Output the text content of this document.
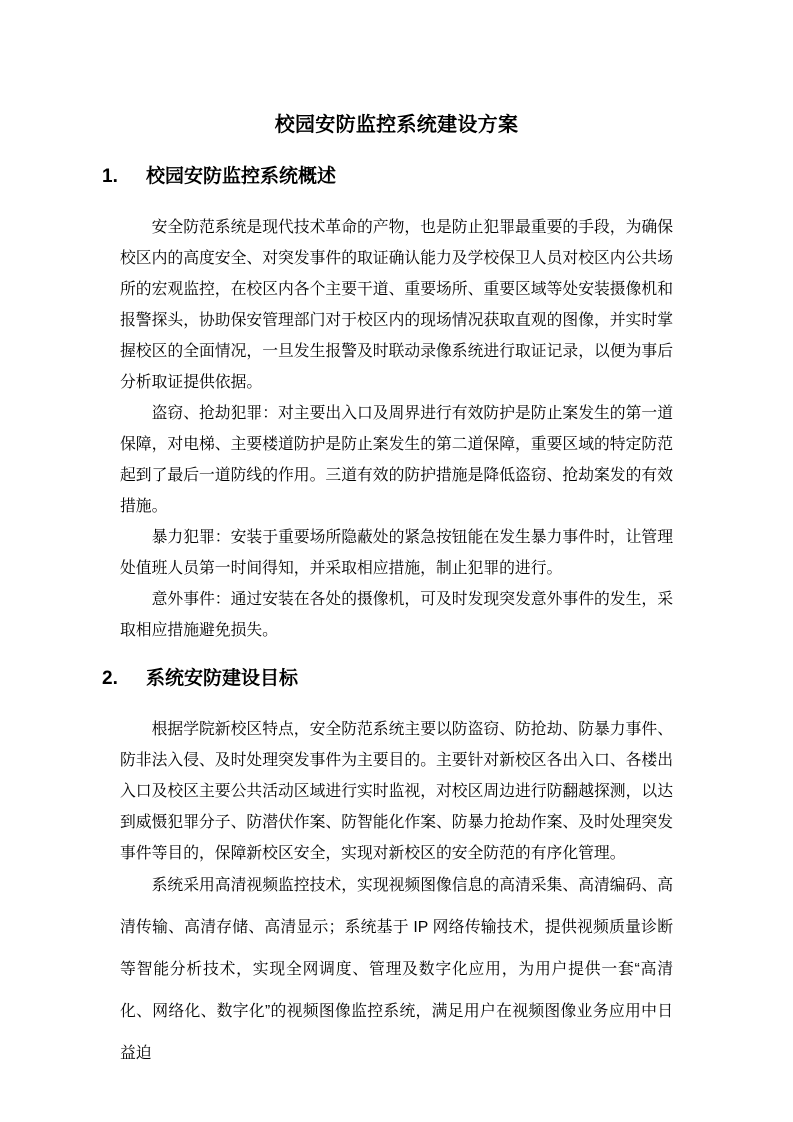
校园安防监控系统建设方案
1. 校园安防监控系统概述

安全防范系统是现代技术革命的产物，也是防止犯罪最重要的手段，为确保校区内的高度安全、对突发事件的取证确认能力及学校保卫人员对校区内公共场所的宏观监控，在校区内各个主要干道、重要场所、重要区域等处安装摄像机和报警探头，协助保安管理部门对于校区内的现场情况获取直观的图像，并实时掌握校区的全面情况，一旦发生报警及时联动录像系统进行取证记录，以便为事后分析取证提供依据。

盗窃、抢劫犯罪：对主要出入口及周界进行有效防护是防止案发生的第一道保障，对电梯、主要楼道防护是防止案发生的第二道保障，重要区域的特定防范起到了最后一道防线的作用。三道有效的防护措施是降低盗窃、抢劫案发的有效措施。

暴力犯罪：安装于重要场所隐蔽处的紧急按钮能在发生暴力事件时，让管理处值班人员第一时间得知，并采取相应措施，制止犯罪的进行。

意外事件：通过安装在各处的摄像机，可及时发现突发意外事件的发生，采取相应措施避免损失。

2. 系统安防建设目标

根据学院新校区特点，安全防范系统主要以防盗窃、防抢劫、防暴力事件、防非法入侵、及时处理突发事件为主要目的。主要针对新校区各出入口、各楼出入口及校区主要公共活动区域进行实时监视，对校区周边进行防翻越探测，以达到威慑犯罪分子、防潜伏作案、防智能化作案、防暴力抢劫作案、及时处理突发事件等目的，保障新校区安全，实现对新校区的安全防范的有序化管理。

系统采用高清视频监控技术，实现视频图像信息的高清采集、高清编码、高清传输、高清存储、高清显示；系统基于 IP 网络传输技术，提供视频质量诊断等智能分析技术，实现全网调度、管理及数字化应用，为用户提供一套“高清化、网络化、数字化”的视频图像监控系统，满足用户在视频图像业务应用中日益迫
